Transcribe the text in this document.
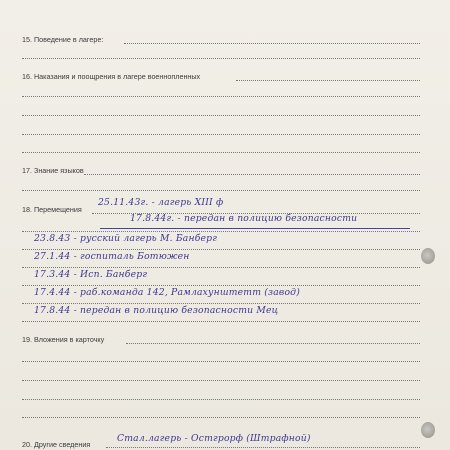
15. Поведение в лагере:
16. Наказания и поощрения в лагере военнопленных
17. Знание языков
18. Перемещения
25.11.43г. - лагерь XIII ф
17.8.44г. - передан в полицию безопасности
23.8.43 - русский лагерь М. Банберг
27.1.44 - госпиталь Ботюжен
17.3.44 - Исп. Банберг
17.4.44 - раб.команда 142, Рамлахунштетт (завод)
17.8.44 - передан в полицию безопасности Мец
19. Вложения в карточку
20. Другие сведения
Стал.лагерь - Остгрорф (Штрафной)
